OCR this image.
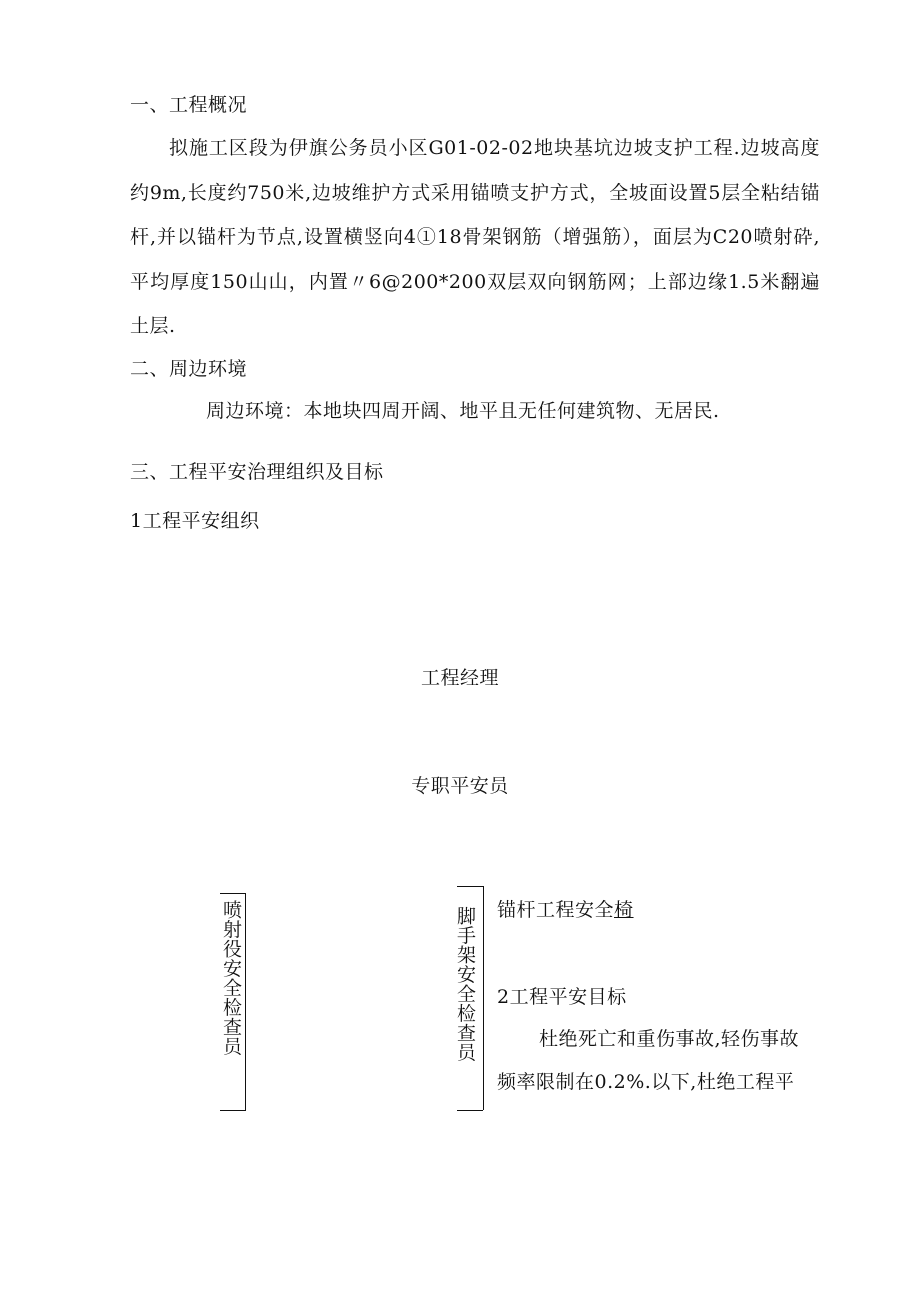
一、工程概况
拟施工区段为伊旗公务员小区G01-02-02地块基坑边坡支护工程.边坡高度约9m,长度约750米,边坡维护方式采用锚喷支护方式，全坡面设置5层全粘结锚杆,并以锚杆为节点,设置横竖向4①18骨架钢筋（增强筋），面层为C20喷射砕,平均厚度150山山，内置〃6@200*200双层双向钢筋网；上部边缘1.5米翻遍土层.
二、周边环境
周边环境：本地块四周开阔、地平且无任何建筑物、无居民.
三、工程平安治理组织及目标
1工程平安组织
工程经理
专职平安员
喷射役安全检查员	脚手架安全检查员 锚杆工程安全椅
2工程平安目标
杜绝死亡和重伤事故,轻伤事故频率限制在0.2%.以下,杜绝工程平
